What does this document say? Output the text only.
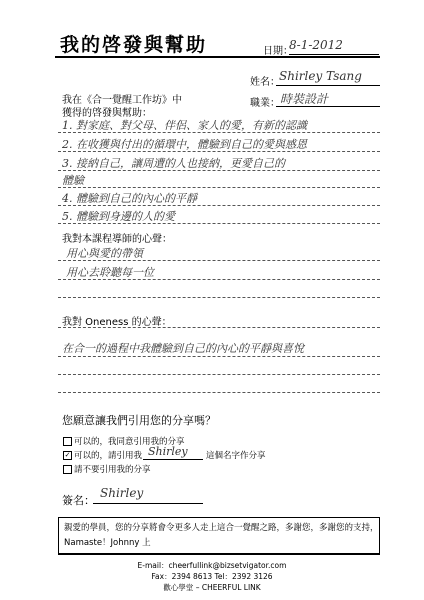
我的啓發與幫助	日期：
8-1-2012
姓名： Shirley Tsang
職業： 時裝設計
我在《合一覺醒工作坊》中
獲得的啓發與幫助：
1. 對家庭、對父母、伴侶、家人的愛，有新的認識
2. 在收獲與付出的循環中，體驗到自己的愛與感恩
3. 接納自己，讓周遭的人也接納，更愛自己的
體驗
4. 體驗到自己的內心的平靜
5. 體驗到身邊的人的愛
我對本課程導師的心聲：
用心與愛的帶領
用心去聆聽每一位
我對 Oneness 的心聲：
在合一的過程中我體驗到自己的內心的平靜與喜悅
您願意讓我們引用您的分享嗎？
可以的，我同意引用我的分享
✓ 可以的，請引用我 Shirley 這個名字作分享
請不要引用我的分享
簽名：
Shirley
親愛的學員，您的分享將會令更多人走上這合一覺醒之路，多謝您，多謝您的支持，
Namaste！Johnny 上
E-mail：cheerfullink@bizsetvigator.com
Fax：2394 8613 Tel：2392 3126
歡心學堂 – CHEERFUL LINK
